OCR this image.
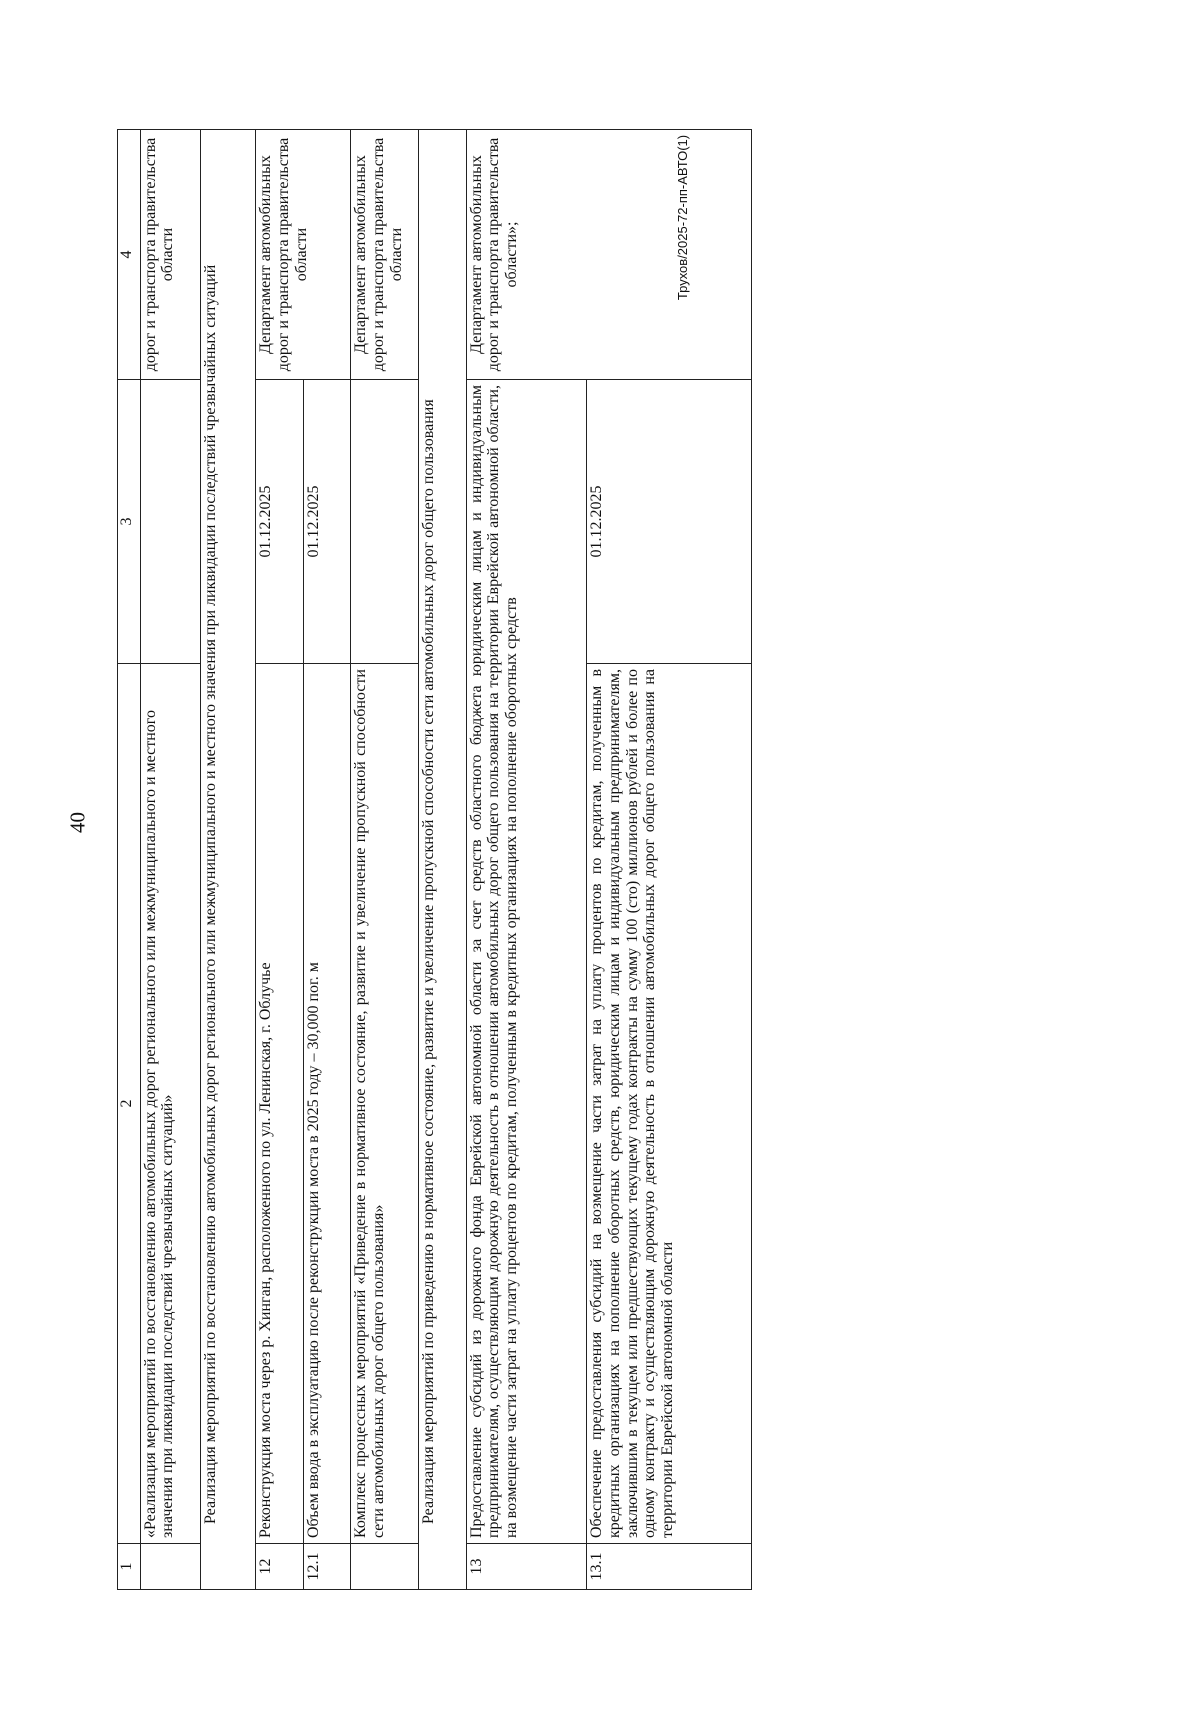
40
Трухов/2025-72-пп-АВТО(1)
1	2	3	4
	«Реализация мероприятий по восстановлению автомобильных дорог регионального или межмуниципального и местного значения при ликвидации последствий чрезвычайных ситуаций»		дорог и транспорта правительства области
Реализация мероприятий по восстановлению автомобильных дорог регионального или межмуниципального и местного значения при ликвидации последствий чрезвычайных ситуаций			
12	Реконструкция моста через р. Хинган, расположенного по ул. Ленинская, г. Облучье	01.12.2025	Департамент автомобильных дорог и транспорта правительства области
12.1	Объем ввода в эксплуатацию после реконструкции моста в 2025 году – 30,000 пог. м	01.12.2025	
	Комплекс процессных мероприятий «Приведение в нормативное состояние, развитие и увеличение пропускной способности сети автомобильных дорог общего пользования»		Департамент автомобильных дорог и транспорта правительства области
Реализация мероприятий по приведению в нормативное состояние, развитие и увеличение пропускной способности сети автомобильных дорог общего пользования			
13	Предоставление субсидий из дорожного фонда Еврейской автономной области за счет средств областного бюджета юридическим лицам и индивидуальным предпринимателям, осуществляющим дорожную деятельность в отношении автомобильных дорог общего пользования на территории Еврейской автономной области, на возмещение части затрат на уплату процентов по кредитам, полученным в кредитных организациях на пополнение оборотных средств		Департамент автомобильных дорог и транспорта правительства области»;
13.1	Обеспечение предоставления субсидий на возмещение части затрат на уплату процентов по кредитам, полученным в кредитных организациях на пополнение оборотных средств, юридическим лицам и индивидуальным предпринимателям, заключившим в текущем или предшествующих текущему годах контракты на сумму 100 (сто) миллионов рублей и более по одному контракту и осуществляющим дорожную деятельность в отношении автомобильных дорог общего пользования на территории Еврейской автономной области	01.12.2025	
